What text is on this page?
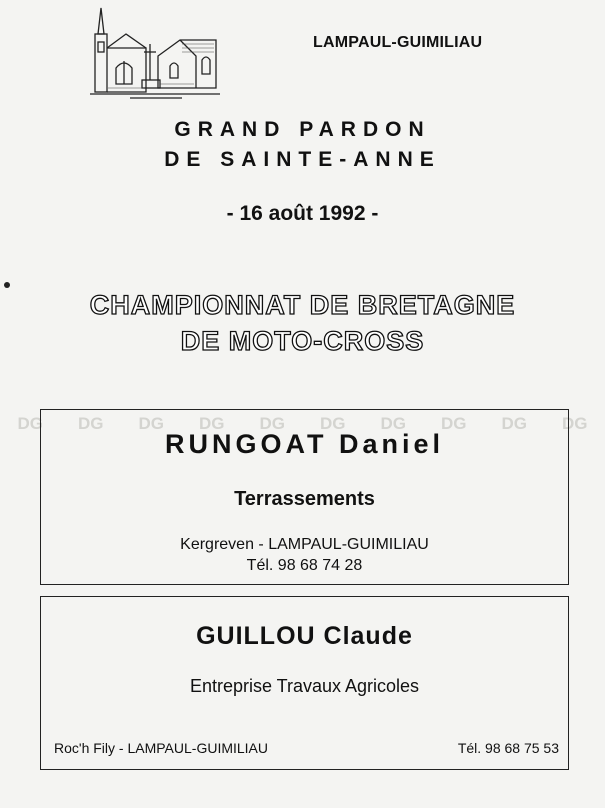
LAMPAUL-GUIMILIAU
GRAND PARDON
DE SAINTE-ANNE
- 16 août 1992 -
CHAMPIONNAT DE BRETAGNE
DE MOTO-CROSS
DG DG DG DG DG DG DG DG DG DG
RUNGOAT Daniel
Terrassements
Kergreven - LAMPAUL-GUIMILIAU
Tél. 98 68 74 28
GUILLOU Claude
Entreprise Travaux Agricoles
Roc'h Fily - LAMPAUL-GUIMILIAU	Tél. 98 68 75 53
